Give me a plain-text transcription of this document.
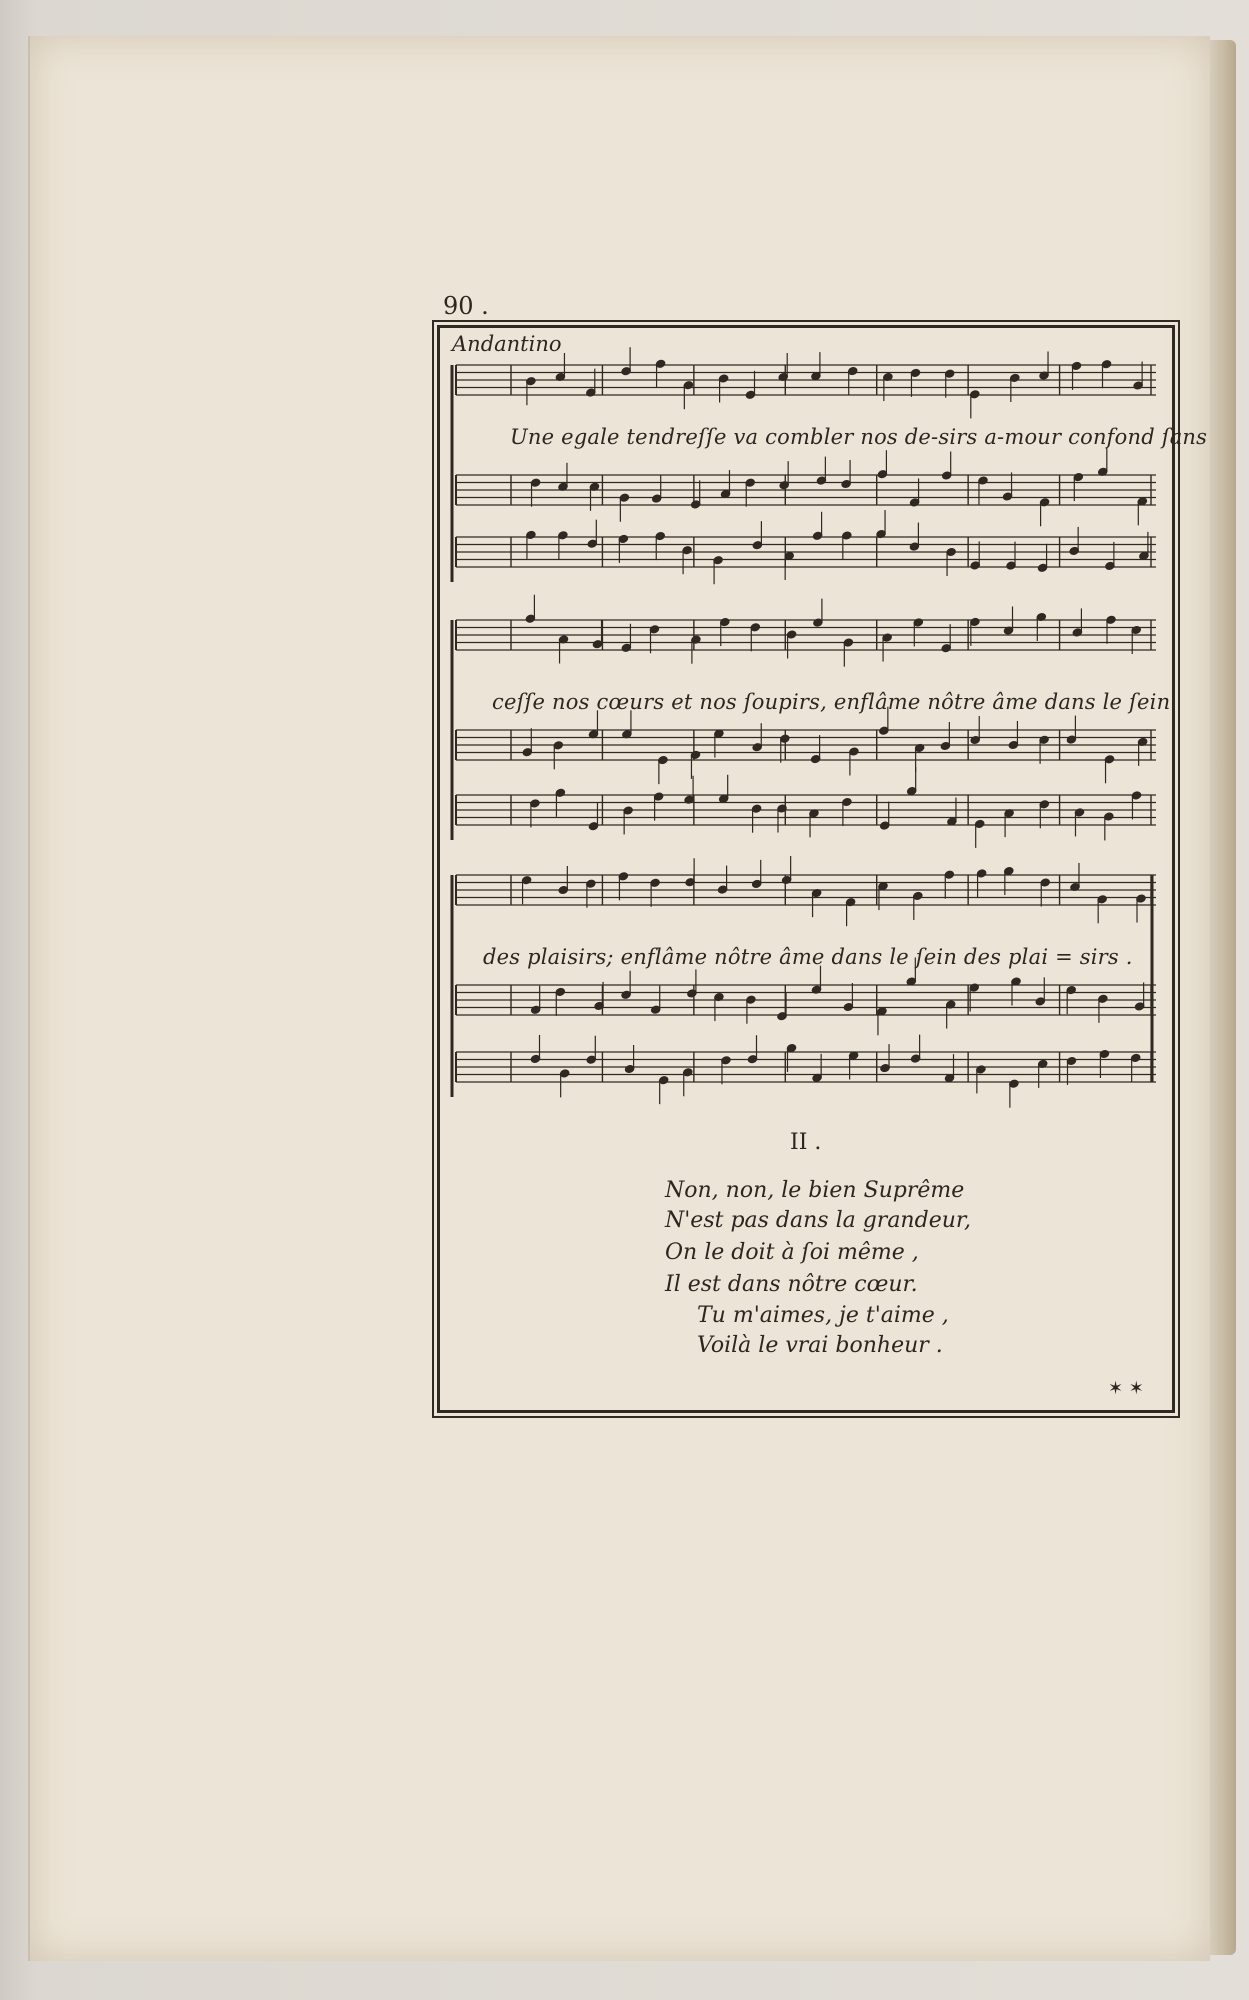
90 .
Andantino
Une egale tendreſſe va combler nos de-sirs a-mour confond ſans
ceſſe nos cœurs et nos ſoupirs, enflâme nôtre âme dans le ſein
des plaisirs; enflâme nôtre âme dans le ſein des plai = sirs .
II .
Non, non, le bien Suprême
N'est pas dans la grandeur,
On le doit à ſoi même ,
Il est dans nôtre cœur.
Tu m'aimes, je t'aime ,
Voilà le vrai bonheur .
✶ ✶
